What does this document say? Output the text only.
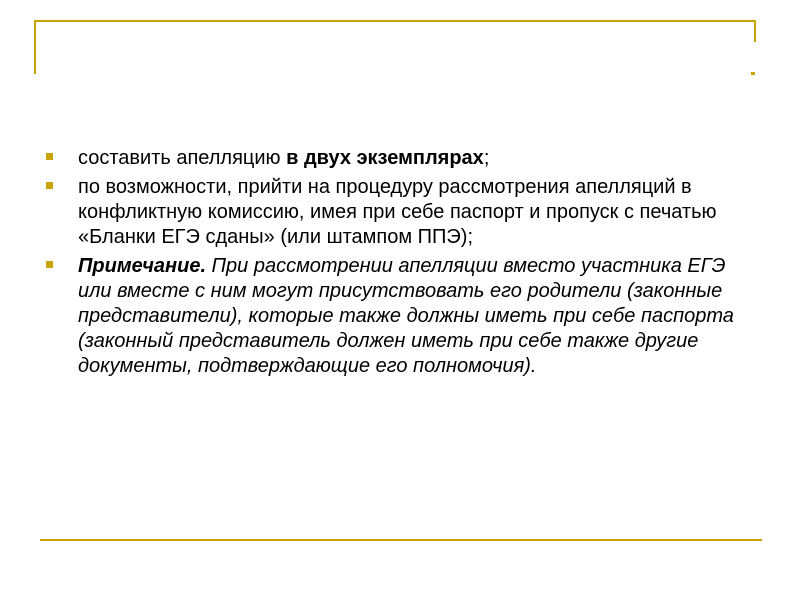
составить апелляцию в двух экземплярах;
по возможности, прийти на процедуру рассмотрения апелляций в конфликтную комиссию, имея при себе паспорт и пропуск с печатью «Бланки ЕГЭ сданы» (или штампом ППЭ);
Примечание. При рассмотрении апелляции вместо участника ЕГЭ или вместе с ним могут присутствовать его родители (законные представители), которые также должны иметь при себе паспорта (законный представитель должен иметь при себе также другие документы, подтверждающие его полномочия).
